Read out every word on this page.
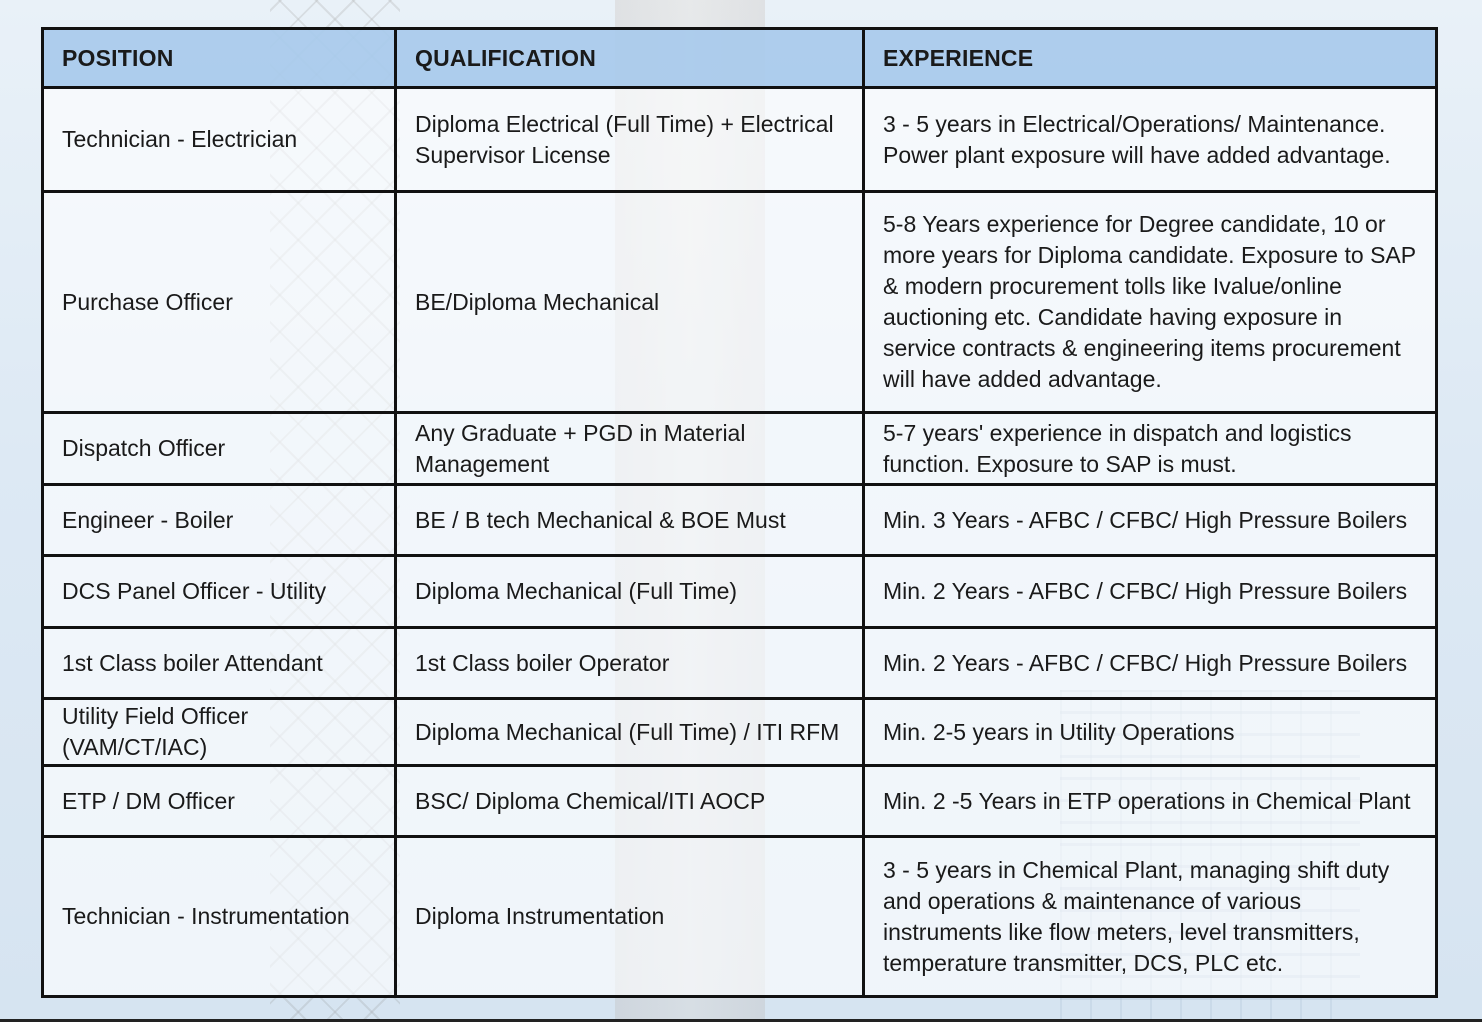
POSITION	QUALIFICATION	EXPERIENCE
Technician - Electrician	Diploma Electrical (Full Time) + Electrical Supervisor License	3 - 5 years in Electrical/Operations/ Maintenance. Power plant exposure will have added advantage.
Purchase Officer	BE/Diploma Mechanical	5-8 Years experience for Degree candidate, 10 or more years for Diploma candidate. Exposure to SAP & modern procurement tolls like Ivalue/online auctioning etc. Candidate having exposure in service contracts & engineering items procurement will have added advantage.
Dispatch Officer	Any Graduate + PGD in Material Management	5-7 years' experience in dispatch and logistics function. Exposure to SAP is must.
Engineer - Boiler	BE / B tech Mechanical & BOE Must	Min. 3 Years - AFBC / CFBC/ High Pressure Boilers
DCS Panel Officer - Utility	Diploma Mechanical (Full Time)	Min. 2 Years - AFBC / CFBC/ High Pressure Boilers
1st Class boiler Attendant	1st Class boiler Operator	Min. 2 Years - AFBC / CFBC/ High Pressure Boilers
Utility Field Officer (VAM/CT/IAC)	Diploma Mechanical (Full Time) / ITI RFM	Min. 2-5 years in Utility Operations
ETP / DM Officer	BSC/ Diploma Chemical/ITI AOCP	Min. 2 -5 Years in ETP operations in Chemical Plant
Technician - Instrumentation	Diploma Instrumentation	3 - 5 years in Chemical Plant, managing shift duty and operations & maintenance of various instruments like flow meters, level transmitters, temperature transmitter, DCS, PLC etc.
